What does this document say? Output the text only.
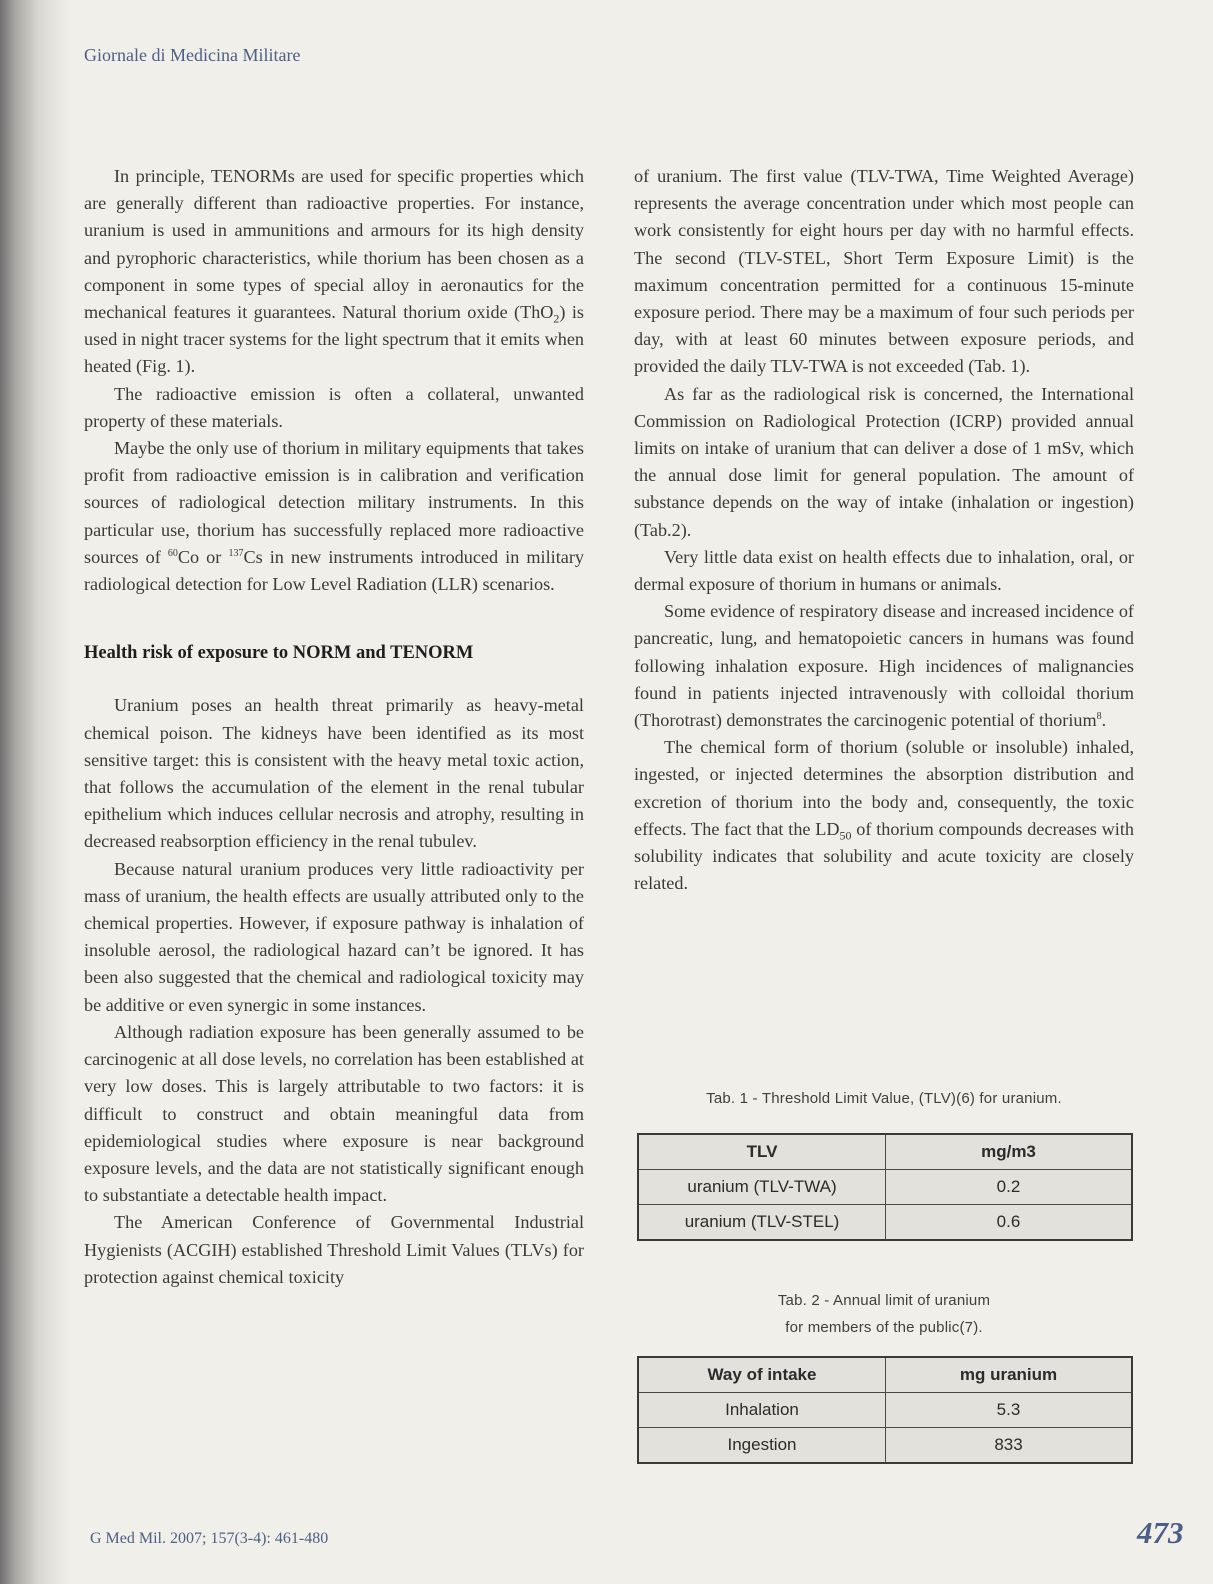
Giornale di Medicina Militare

In principle, TENORMs are used for specific properties which are generally different than radioactive properties. For instance, uranium is used in ammunitions and armours for its high density and pyrophoric characteristics, while thorium has been chosen as a component in some types of special alloy in aeronautics for the mechanical features it guarantees. Natural thorium oxide (ThO$_2$) is used in night tracer systems for the light spectrum that it emits when heated (Fig. 1).

The radioactive emission is often a collateral, unwanted property of these materials.

Maybe the only use of thorium in military equipments that takes profit from radioactive emission is in calibration and verification sources of radiological detection military instruments. In this particular use, thorium has successfully replaced more radioactive sources of $^{60}$Co or $^{137}$Cs in new instruments introduced in military radiological detection for Low Level Radiation (LLR) scenarios.

Health risk of exposure to NORM and TENORM

Uranium poses an health threat primarily as heavy-metal chemical poison. The kidneys have been identified as its most sensitive target: this is consistent with the heavy metal toxic action, that follows the accumulation of the element in the renal tubular epithelium which induces cellular necrosis and atrophy, resulting in decreased reabsorption efficiency in the renal tubulev.

Because natural uranium produces very little radioactivity per mass of uranium, the health effects are usually attributed only to the chemical properties. However, if exposure pathway is inhalation of insoluble aerosol, the radiological hazard can’t be ignored. It has been also suggested that the chemical and radiological toxicity may be additive or even synergic in some instances.

Although radiation exposure has been generally assumed to be carcinogenic at all dose levels, no correlation has been established at very low doses. This is largely attributable to two factors: it is difficult to construct and obtain meaningful data from epidemiological studies where exposure is near background exposure levels, and the data are not statistically significant enough to substantiate a detectable health impact.

The American Conference of Governmental Industrial Hygienists (ACGIH) established Threshold Limit Values (TLVs) for protection against chemical toxicity

of uranium. The first value (TLV-TWA, Time Weighted Average) represents the average concentration under which most people can work consistently for eight hours per day with no harmful effects. The second (TLV-STEL, Short Term Exposure Limit) is the maximum concentration permitted for a continuous 15-minute exposure period. There may be a maximum of four such periods per day, with at least 60 minutes between exposure periods, and provided the daily TLV-TWA is not exceeded (Tab. 1).

As far as the radiological risk is concerned, the International Commission on Radiological Protection (ICRP) provided annual limits on intake of uranium that can deliver a dose of 1 mSv, which the annual dose limit for general population. The amount of substance depends on the way of intake (inhalation or ingestion) (Tab.2).

Very little data exist on health effects due to inhalation, oral, or dermal exposure of thorium in humans or animals.

Some evidence of respiratory disease and increased incidence of pancreatic, lung, and hematopoietic cancers in humans was found following inhalation exposure. High incidences of malignancies found in patients injected intravenously with colloidal thorium (Thorotrast) demonstrates the carcinogenic potential of thorium$^8$.

The chemical form of thorium (soluble or insoluble) inhaled, ingested, or injected determines the absorption distribution and excretion of thorium into the body and, consequently, the toxic effects. The fact that the $LD_{50}$ of thorium compounds decreases with solubility indicates that solubility and acute toxicity are closely related.

Tab. 1 - Threshold Limit Value, (TLV)(6) for uranium.
TLV	mg/m3
uranium (TLV-TWA)	0.2
uranium (TLV-STEL)	0.6
Tab. 2 - Annual limit of uranium
for members of the public(7).
Way of intake	mg uranium
Inhalation	5.3
Ingestion	833
G Med Mil. 2007; 157(3-4): 461-480	473
